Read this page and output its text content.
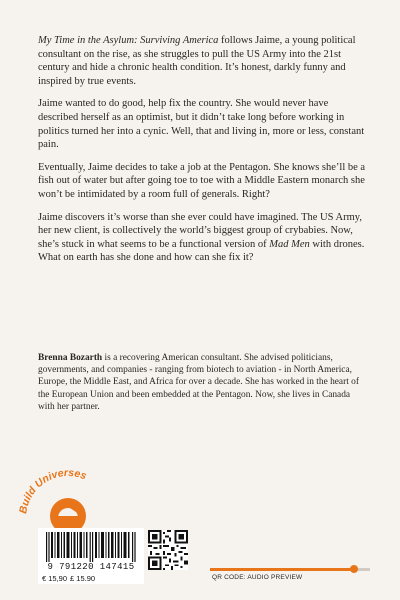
My Time in the Asylum: Surviving America follows Jaime, a young political consultant on the rise, as she struggles to pull the US Army into the 21st century and hide a chronic health condition. It’s honest, darkly funny and inspired by true events.

Jaime wanted to do good, help fix the country. She would never have described herself as an optimist, but it didn’t take long before working in politics turned her into a cynic. Well, that and living in, more or less, constant pain.

Eventually, Jaime decides to take a job at the Pentagon. She knows she’ll be a fish out of water but after going toe to toe with a Middle Eastern monarch she won’t be intimidated by a room full of generals. Right?

Jaime discovers it’s worse than she ever could have imagined. The US Army, her new client, is collectively the world’s biggest group of crybabies. Now, she’s stuck in what seems to be a functional version of Mad Men with drones. What on earth has she done and how can she fix it?

Brenna Bozarth is a recovering American consultant. She advised politicians, governments, and companies - ranging from biotech to aviation - in North America, Europe, the Middle East, and Africa for over a decade. She has worked in the heart of the European Union and been embedded at the Pentagon. Now, she lives in Canada with her partner.

Build Universes
9 791220 147415
€ 15,90 £ 15.90	QR CODE: AUDIO PREVIEW
